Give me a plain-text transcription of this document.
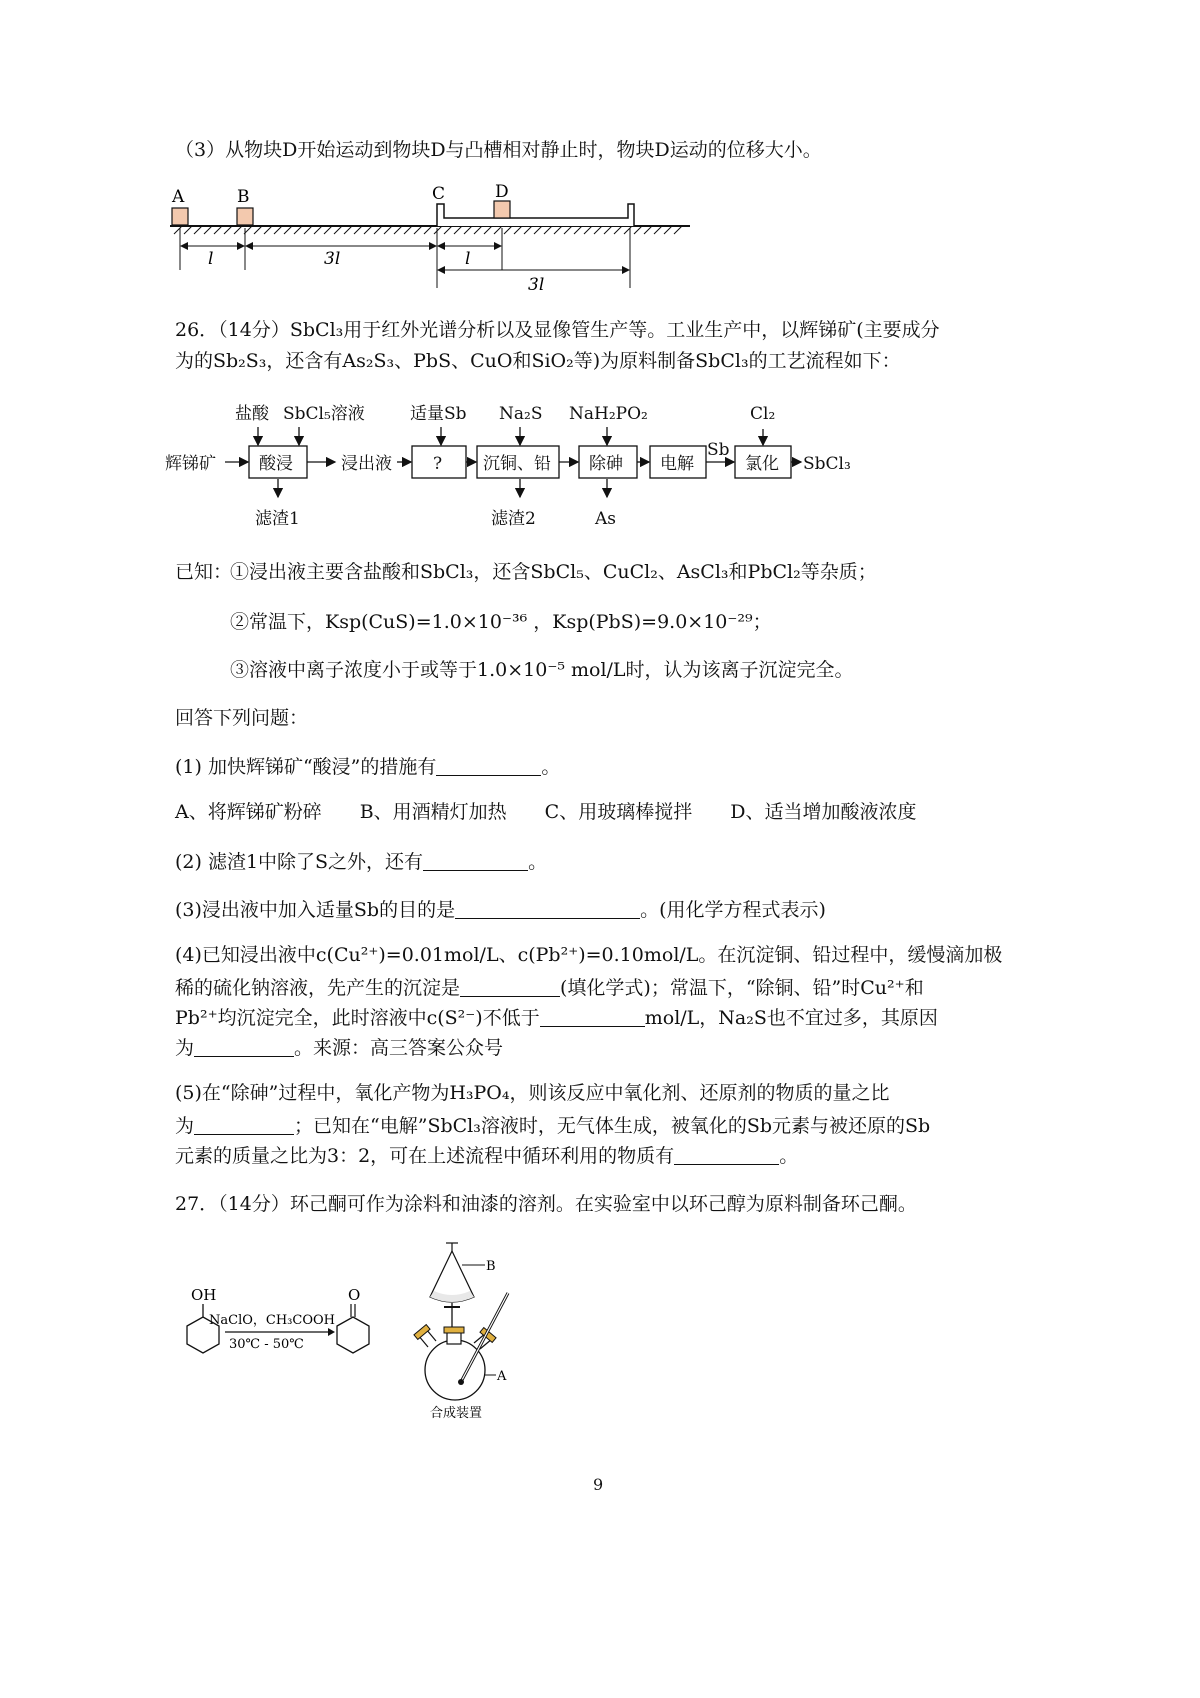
（3）从物块D开始运动到物块D与凸槽相对静止时，物块D运动的位移大小。
A	B	C	D
l	3l	l
3l
26．（14分）SbCl₃用于红外光谱分析以及显像管生产等。工业生产中，以辉锑矿(主要成分
为的Sb₂S₃，还含有As₂S₃、PbS、CuO和SiO₂等)为原料制备SbCl₃的工艺流程如下：
辉锑矿	酸浸
盐酸 SbCl₅溶液
滤渣1
浸出液 ?
适量Sb
沉铜、铅
Na₂S
滤渣2
除砷
NaH₂PO₂
As
电解
Sb
氯化
Cl₂
SbCl₃
已知：
①浸出液主要含盐酸和SbCl₃，还含SbCl₅、CuCl₂、AsCl₃和PbCl₂等杂质；
②常温下，Ksp(CuS)=1.0×10⁻³⁶ ，Ksp(PbS)=9.0×10⁻²⁹；
③溶液中离子浓度小于或等于1.0×10⁻⁵ mol/L时，认为该离子沉淀完全。
回答下列问题：
(1) 加快辉锑矿“酸浸”的措施有	。
A、将辉锑矿粉碎　　B、用酒精灯加热　　C、用玻璃棒搅拌　　D、适当增加酸液浓度
(2) 滤渣1中除了S之外，还有	。
(3)浸出液中加入适量Sb的目的是	。(用化学方程式表示)
(4)已知浸出液中c(Cu²⁺)=0.01mol/L、c(Pb²⁺)=0.10mol/L。在沉淀铜、铅过程中，缓慢滴加极
稀的硫化钠溶液，先产生的沉淀是	(填化学式)；常温下，“除铜、铅”时Cu²⁺和
Pb²⁺均沉淀完全，此时溶液中c(S²⁻)不低于	mol/L，Na₂S也不宜过多，其原因
为	。来源：高三答案公众号
(5)在“除砷”过程中，氧化产物为H₃PO₄，则该反应中氧化剂、还原剂的物质的量之比
为	；已知在“电解”SbCl₃溶液时，无气体生成，被氧化的Sb元素与被还原的Sb
元素的质量之比为3：2，可在上述流程中循环利用的物质有	。
27．（14分）环己酮可作为涂料和油漆的溶剂。在实验室中以环己醇为原料制备环己酮。
OH
NaClO，CH₃COOH
30℃ - 50℃
O
B
A
合成装置
9
